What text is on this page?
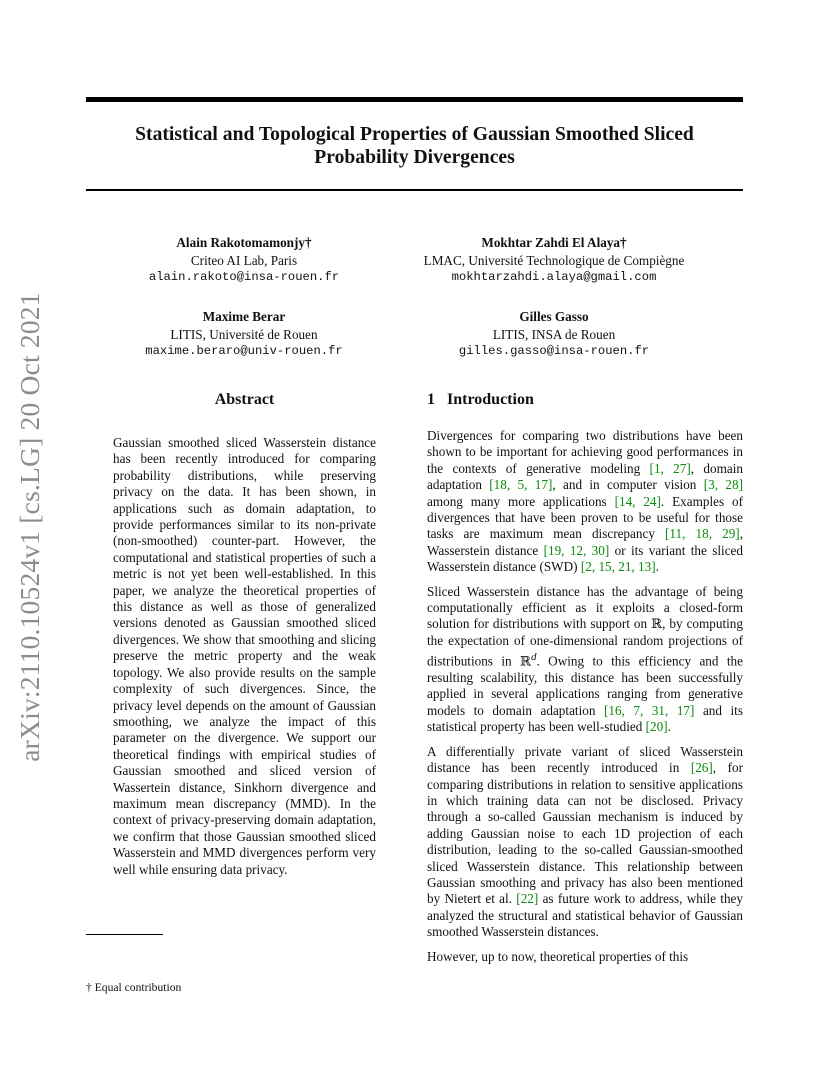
arXiv:2110.10524v1 [cs.LG] 20 Oct 2021
Statistical and Topological Properties of Gaussian Smoothed Sliced Probability Divergences
Alain Rakotomamonjy†
Criteo AI Lab, Paris
alain.rakoto@insa-rouen.fr
Mokhtar Zahdi El Alaya†
LMAC, Université Technologique de Compiègne
mokhtarzahdi.alaya@gmail.com
Maxime Berar
LITIS, Université de Rouen
maxime.beraro@univ-rouen.fr
Gilles Gasso
LITIS, INSA de Rouen
gilles.gasso@insa-rouen.fr
Abstract

Gaussian smoothed sliced Wasserstein distance has been recently introduced for comparing probability distributions, while preserving privacy on the data. It has been shown, in applications such as domain adaptation, to provide performances similar to its non-private (non-smoothed) counter-part. However, the computational and statistical properties of such a metric is not yet been well-established. In this paper, we analyze the theoretical properties of this distance as well as those of generalized versions denoted as Gaussian smoothed sliced divergences. We show that smoothing and slicing preserve the metric property and the weak topology. We also provide results on the sample complexity of such divergences. Since, the privacy level depends on the amount of Gaussian smoothing, we analyze the impact of this parameter on the divergence. We support our theoretical findings with empirical studies of Gaussian smoothed and sliced version of Wassertein distance, Sinkhorn divergence and maximum mean discrepancy (MMD). In the context of privacy-preserving domain adaptation, we confirm that those Gaussian smoothed sliced Wasserstein and MMD divergences perform very well while ensuring data privacy.

1   Introduction

Divergences for comparing two distributions have been shown to be important for achieving good performances in the contexts of generative modeling [1, 27], domain adaptation [18, 5, 17], and in computer vision [3, 28] among many more applications [14, 24]. Examples of divergences that have been proven to be useful for those tasks are maximum mean discrepancy [11, 18, 29], Wasserstein distance [19, 12, 30] or its variant the sliced Wasserstein distance (SWD) [2, 15, 21, 13].

Sliced Wasserstein distance has the advantage of being computationally efficient as it exploits a closed-form solution for distributions with support on ℝ, by computing the expectation of one-dimensional random projections of distributions in ℝ$^d$. Owing to this efficiency and the resulting scalability, this distance has been successfully applied in several applications ranging from generative models to domain adaptation [16, 7, 31, 17] and its statistical property has been well-studied [20].

A differentially private variant of sliced Wasserstein distance has been recently introduced in [26], for comparing distributions in relation to sensitive applications in which training data can not be disclosed. Privacy through a so-called Gaussian mechanism is induced by adding Gaussian noise to each 1D projection of each distribution, leading to the so-called Gaussian-smoothed sliced Wasserstein distance. This relationship between Gaussian smoothing and privacy has also been mentioned by Nietert et al. [22] as future work to address, while they analyzed the structural and statistical behavior of Gaussian smoothed Wasserstein distances.

However, up to now, theoretical properties of this

† Equal contribution
